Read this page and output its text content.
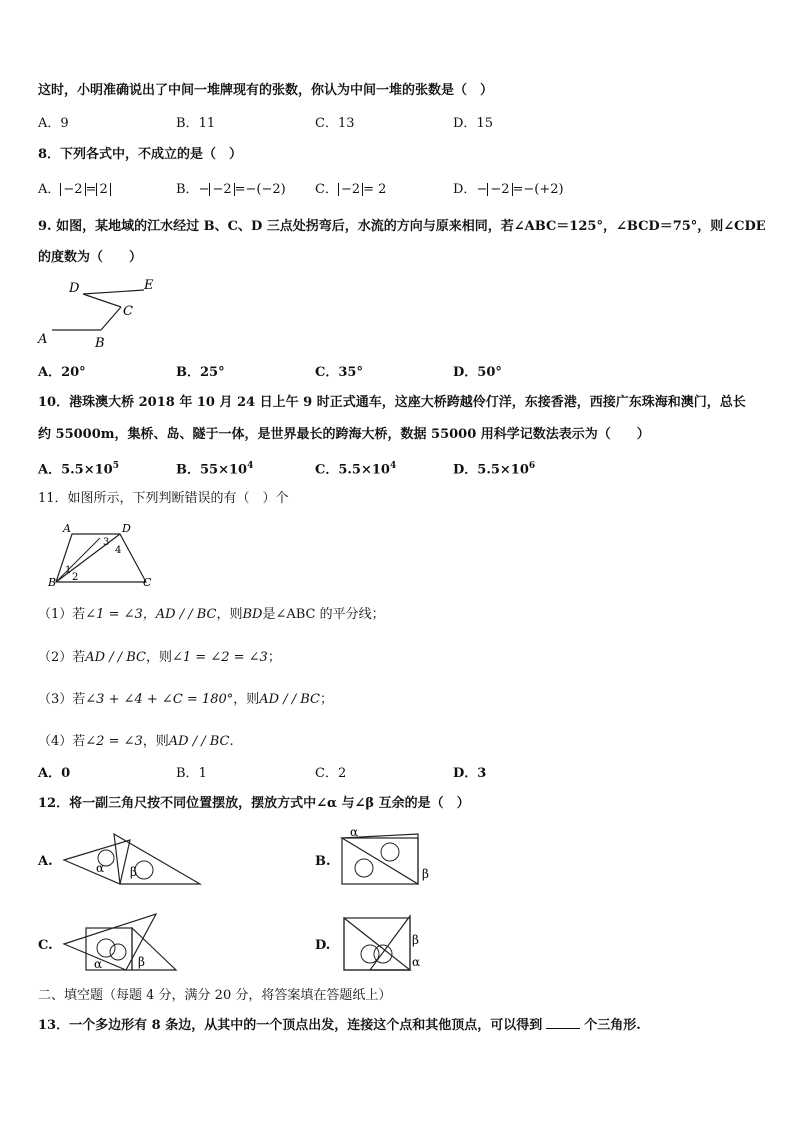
这时，小明准确说出了中间一堆牌现有的张数，你认为中间一堆的张数是（　）
A．9	B．11	C．13	D．15
8．下列各式中，不成立的是（　）
A． −2 = 2	B．− −2 =−(−2) C． −2 = 2	D．− −2 =−(+2)
9. 如图，某地域的江水经过 B、C、D 三点处拐弯后，水流的方向与原来相同，若∠ABC＝125°，∠BCD＝75°，则∠CDE
的度数为（　　）
A	B
C
D	E
A．20°	B．25°	C．35°	D．50°
10．港珠澳大桥 2018 年 10 月 24 日上午 9 时正式通车，这座大桥跨越伶仃洋，东接香港，西接广东珠海和澳门，总长
约 55000m，集桥、岛、隧于一体，是世界最长的跨海大桥，数据 55000 用科学记数法表示为（　　）
A．$5.5\times 10^5$	B．$55\times 10^4$	C．$5.5\times 10^4$	D．$5.5\times 10^6$
11．如图所示，下列判断错误的有（　）个
A	D
B	C
1
2
3
4
（1）若∠1 = ∠3，AD / / BC，则BD是∠ABC 的平分线；
（2）若AD / / BC，则∠1 = ∠2 = ∠3；
（3）若∠3 + ∠4 + ∠C = 180°，则AD / / BC；
（4）若∠2 = ∠3，则AD / / BC.
A．0	B．1	C．2	D．3
12．将一副三角尺按不同位置摆放，摆放方式中∠α 与∠β 互余的是（　）
A.	α β
B.
α
β
C.
α	β
D.	β
α
二、填空题（每题 4 分，满分 20 分，将答案填在答题纸上）
13．一个多边形有 8 条边，从其中的一个顶点出发，连接这个点和其他顶点，可以得到	个三角形.
